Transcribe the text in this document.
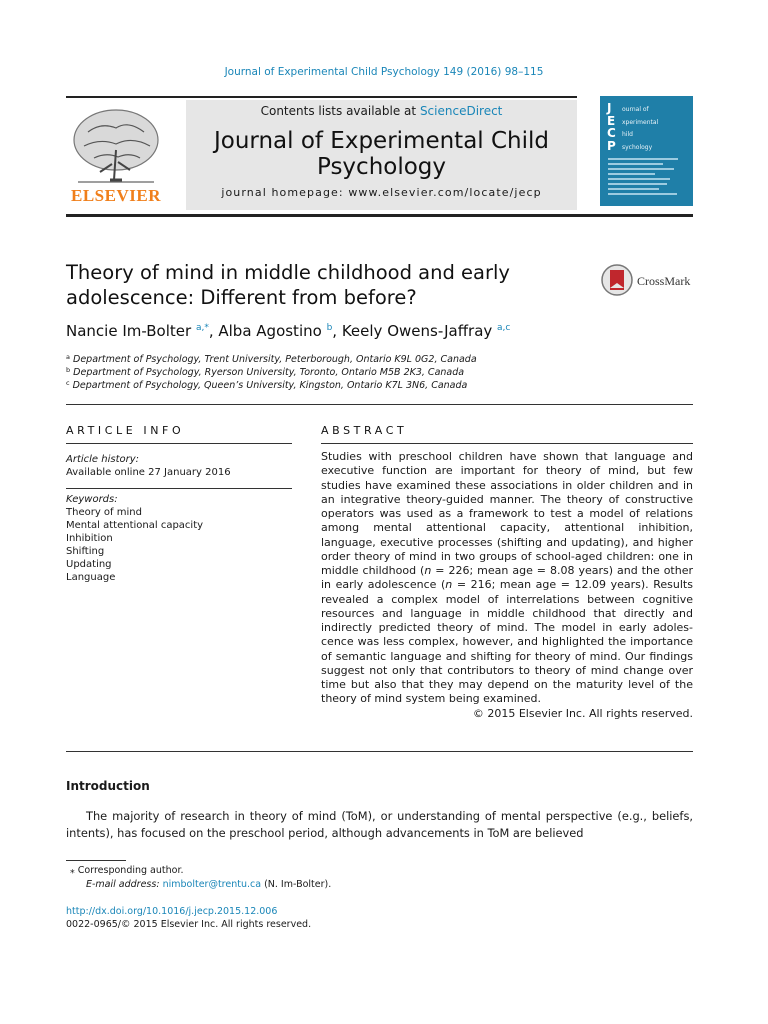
Journal of Experimental Child Psychology 149 (2016) 98–115
ELSEVIER
Contents lists available at ScienceDirect
Journal of Experimental Child Psychology
journal homepage: www.elsevier.com/locate/jecp
J
E
C
P
ournal of
xperimental
hild
sychology
Theory of mind in middle childhood and early adolescence: Different from before?
CrossMark
Nancie Im-Bolter $^{a,*}$, Alba Agostino $^b$, Keely Owens-Jaffray $^{a,c}$
$^a$ Department of Psychology, Trent University, Peterborough, Ontario K9L 0G2, Canada
$^b$ Department of Psychology, Ryerson University, Toronto, Ontario M5B 2K3, Canada
$^c$ Department of Psychology, Queen’s University, Kingston, Ontario K7L 3N6, Canada
ARTICLE INFO
Article history:
Available online 27 January 2016
Keywords:
Theory of mind
Mental attentional capacity
Inhibition
Shifting
Updating
Language
ABSTRACT
Studies with preschool children have shown that language and executive function are important for theory of mind, but few studies have examined these associations in older children and in an integrative theory-guided manner. The theory of constructive operators was used as a framework to test a model of relations among mental attentional capacity, attentional inhibition, language, executive processes (shifting and updating), and higher order theory of mind in two groups of school-aged children: one in middle childhood (n = 226; mean age = 8.08 years) and the other in early adolescence (n = 216; mean age = 12.09 years). Results revealed a complex model of interrelations between cognitive resources and language in middle childhood that directly and indirectly predicted theory of mind. The model in early adolescence was less complex, however, and highlighted the importance of semantic language and shifting for theory of mind. Our findings suggest not only that contributors to theory of mind change over time but also that they may depend on the maturity level of the theory of mind system being examined.
© 2015 Elsevier Inc. All rights reserved.
Introduction
The majority of research in theory of mind (ToM), or understanding of mental perspective (e.g., beliefs, intents), has focused on the preschool period, although advancements in ToM are believed
⁎ Corresponding author.
E-mail address: nimbolter@trentu.ca (N. Im-Bolter).
http://dx.doi.org/10.1016/j.jecp.2015.12.006
0022-0965/© 2015 Elsevier Inc. All rights reserved.
